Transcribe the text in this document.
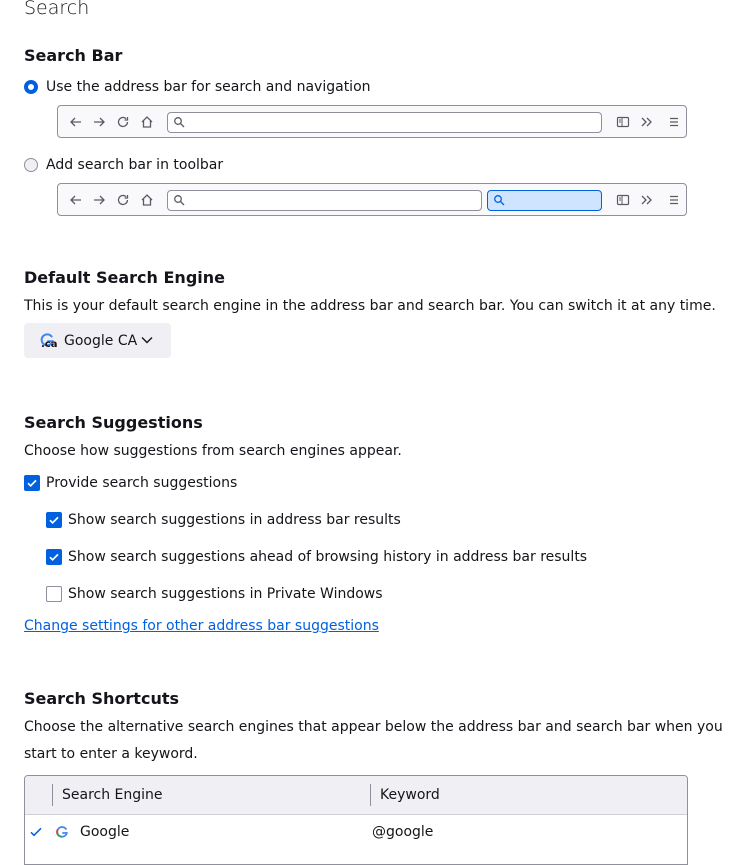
Search
Search Bar
Use the address bar for search and navigation
Add search bar in toolbar
Default Search Engine
This is your default search engine in the address bar and search bar. You can switch it at any time.
.ca Google CA
Search Suggestions
Choose how suggestions from search engines appear.
Provide search suggestions
Show search suggestions in address bar results
Show search suggestions ahead of browsing history in address bar results
Show search suggestions in Private Windows
Change settings for other address bar suggestions
Search Shortcuts
Choose the alternative search engines that appear below the address bar and search bar when you
start to enter a keyword.
Search Engine	Keyword
Google	@google
